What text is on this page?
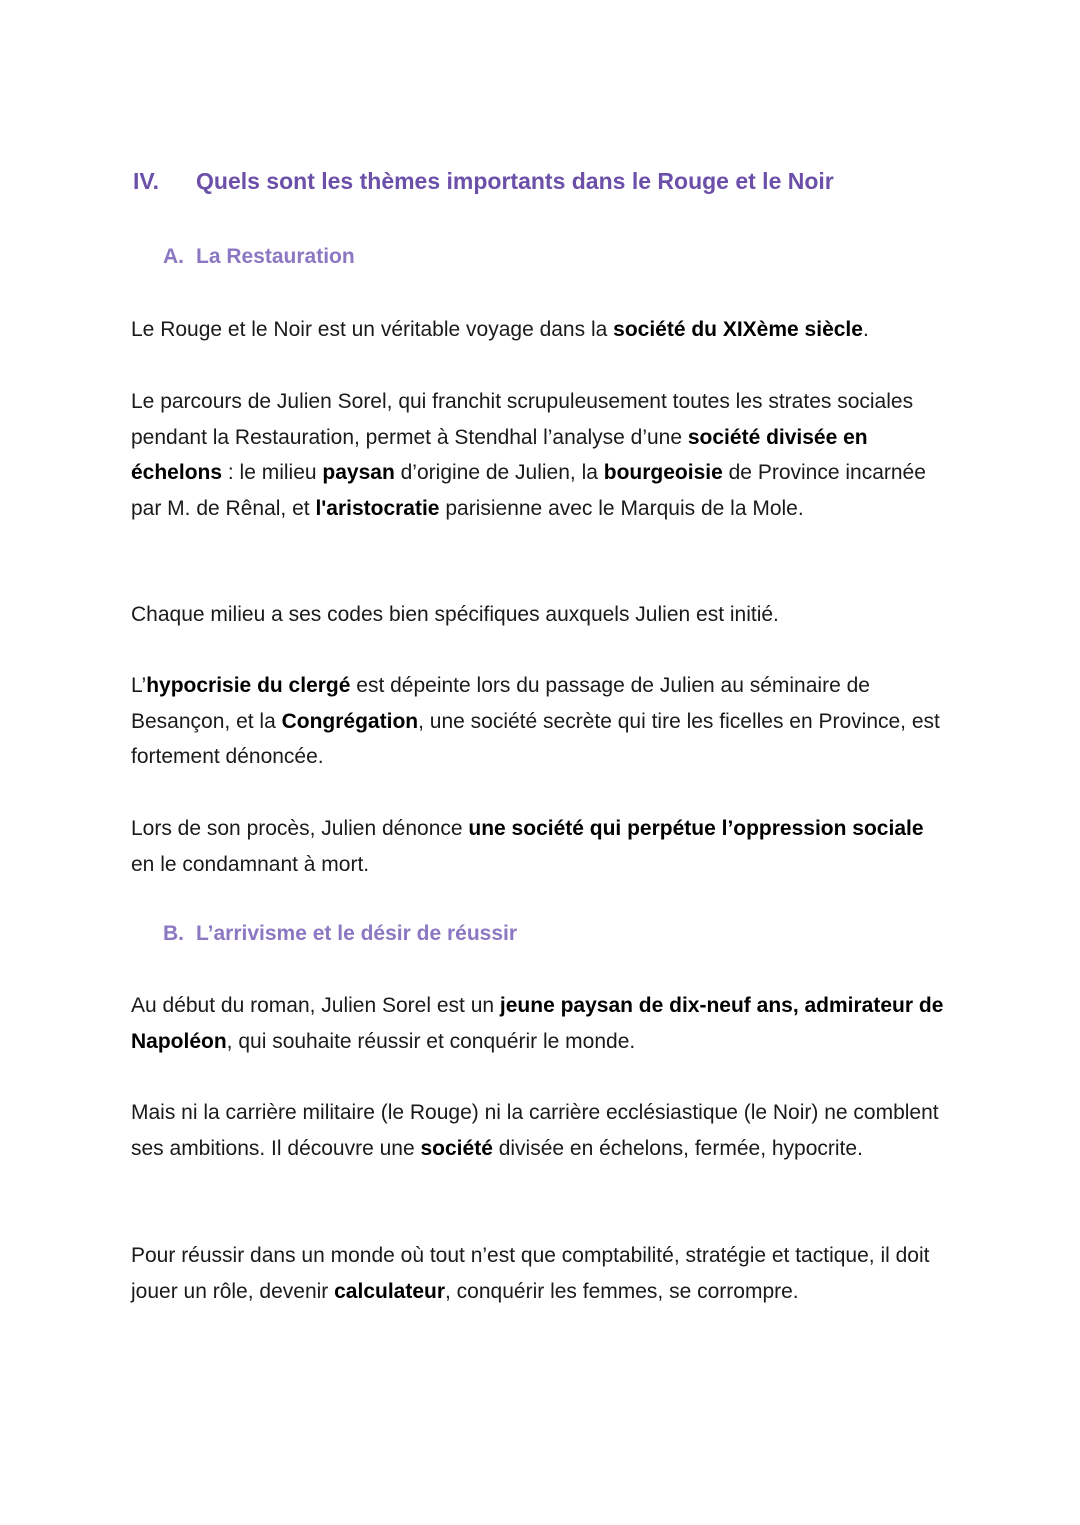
IV. Quels sont les thèmes importants dans le Rouge et le Noir
A. La Restauration

Le Rouge et le Noir est un véritable voyage dans la société du XIXème siècle.

Le parcours de Julien Sorel, qui franchit scrupuleusement toutes les strates sociales pendant la Restauration, permet à Stendhal l’analyse d’une société divisée en échelons : le milieu paysan d’origine de Julien, la bourgeoisie de Province incarnée par M. de Rênal, et l'aristocratie parisienne avec le Marquis de la Mole.

Chaque milieu a ses codes bien spécifiques auxquels Julien est initié.

L’hypocrisie du clergé est dépeinte lors du passage de Julien au séminaire de Besançon, et la Congrégation, une société secrète qui tire les ficelles en Province, est fortement dénoncée.

Lors de son procès, Julien dénonce une société qui perpétue l’oppression sociale en le condamnant à mort.

B. L’arrivisme et le désir de réussir

Au début du roman, Julien Sorel est un jeune paysan de dix-neuf ans, admirateur de Napoléon, qui souhaite réussir et conquérir le monde.

Mais ni la carrière militaire (le Rouge) ni la carrière ecclésiastique (le Noir) ne comblent ses ambitions. Il découvre une société divisée en échelons, fermée, hypocrite.

Pour réussir dans un monde où tout n’est que comptabilité, stratégie et tactique, il doit jouer un rôle, devenir calculateur, conquérir les femmes, se corrompre.
